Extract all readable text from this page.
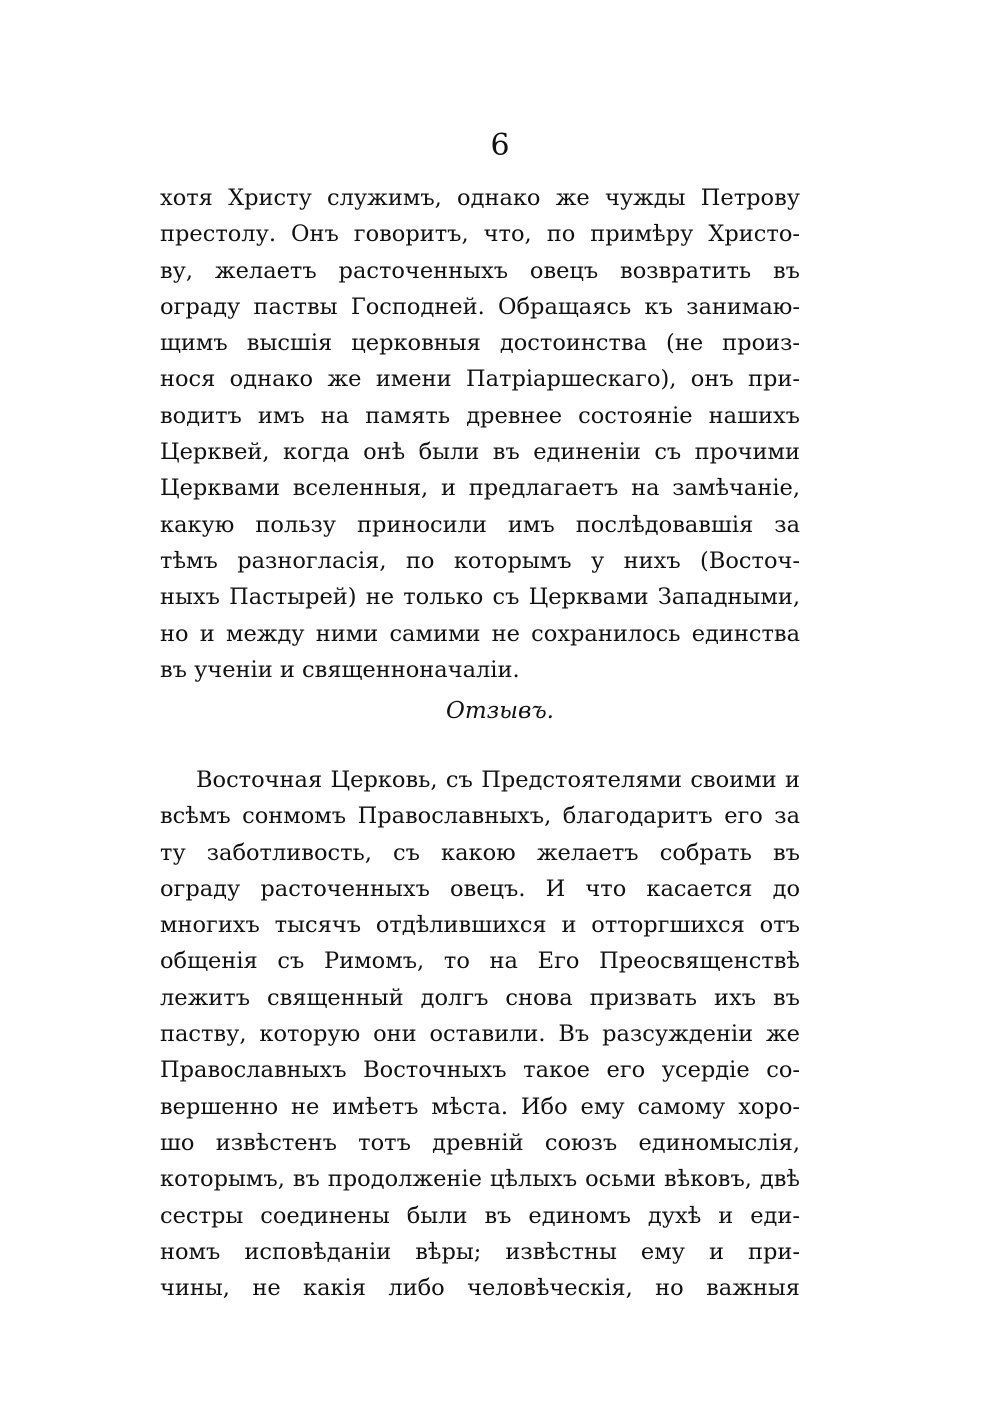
6
хотя Христу служимъ, однако же чужды Петрову
престолу. Онъ говоритъ, что, по примѣру Христо-
ву, желаетъ расточенныхъ овецъ возвратить въ
ограду паствы Господней. Обращаясь къ занимаю-
щимъ высшія церковныя достоинства (не произ-
нося однако же имени Патріаршескаго), онъ при-
водитъ имъ на память древнее состояніе нашихъ
Церквей, когда онѣ были въ единеніи съ прочими
Церквами вселенныя, и предлагаетъ на замѣчаніе,
какую пользу приносили имъ послѣдовавшія за
тѣмъ разногласія, по которымъ у нихъ (Восточ-
ныхъ Пастырей) не только съ Церквами Западными,
но и между ними самими не сохранилось единства
въ ученіи и священноначаліи.
Отзывъ.
Восточная Церковь, съ Предстоятелями своими и
всѣмъ сонмомъ Православныхъ, благодаритъ его за
ту заботливость, съ какою желаетъ собрать въ
ограду расточенныхъ овецъ. И что касается до
многихъ тысячъ отдѣлившихся и отторгшихся отъ
общенія съ Римомъ, то на Его Преосвященствѣ
лежитъ священный долгъ снова призвать ихъ въ
паству, которую они оставили. Въ разсужденіи же
Православныхъ Восточныхъ такое его усердіе со-
вершенно не имѣетъ мѣста. Ибо ему самому хоро-
шо извѣстенъ тотъ древній союзъ единомыслія,
которымъ, въ продолженіе цѣлыхъ осьми вѣковъ, двѣ
сестры соединены были въ единомъ духѣ и еди-
номъ исповѣданіи вѣры; извѣстны ему и при-
чины, не какія либо человѣческія, но важныя
